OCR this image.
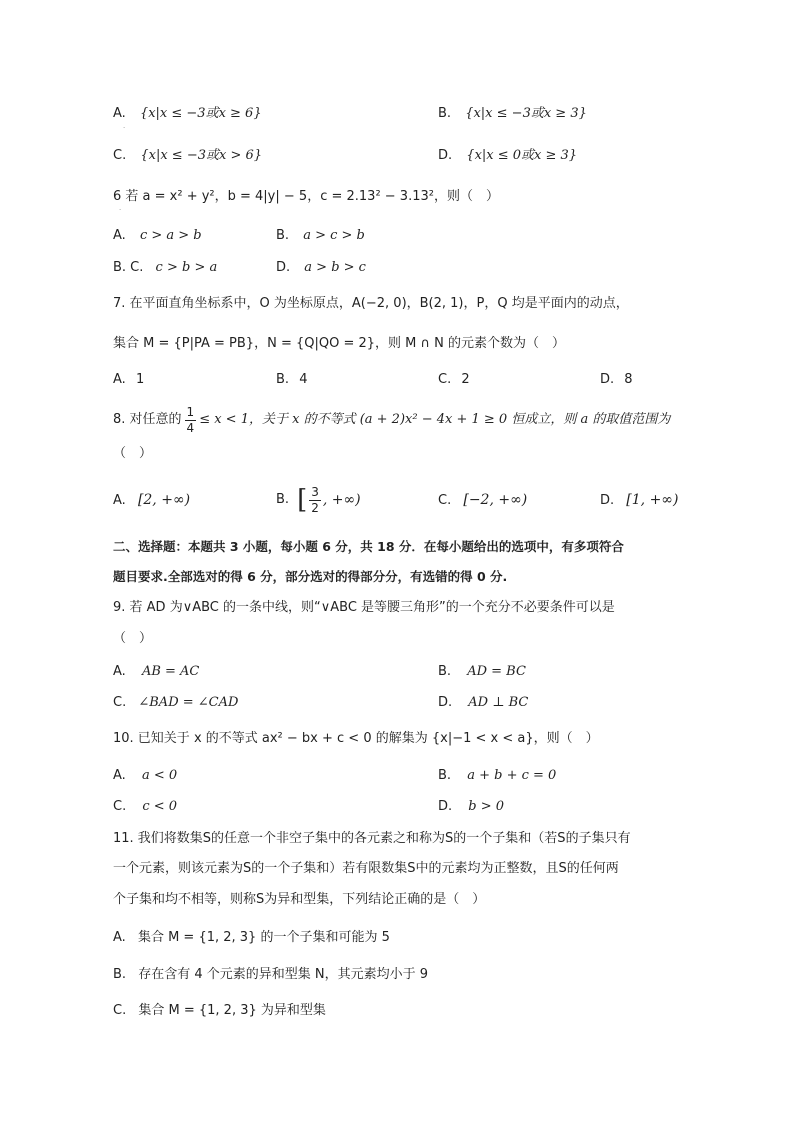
A. {x|x ≤ −3或x ≥ 6}	B. {x|x ≤ −3或x ≥ 3}
·
C. {x|x ≤ −3或x > 6}	D. {x|x ≤ 0或x ≥ 3}
6 若 a = x² + y²，b = 4|y| − 5，c = 2.13² − 3.13²，则（　）
·
A. c > a > b	B. a > c > b
B. C. c > b > a	D. a > b > c
7. 在平面直角坐标系中，O 为坐标原点，A(−2, 0)，B(2, 1)，P，Q 均是平面内的动点，
集合 M = {P|PA = PB}，N = {Q|QO = 2}，则 M ∩ N 的元素个数为（　）
A. 1	B. 4	C. 2	D. 8
8. 对任意的 $\frac{1}{4} \le x < 1$，关于 x 的不等式 (a + 2)x² − 4x + 1 ≥ 0 恒成立，则 a 的取值范围为
（　）
A. [2, +∞)	B. [ $\frac{3}{2}$ , +∞)	C. [−2, +∞)	D. [1, +∞)
二、选择题：本题共 3 小题，每小题 6 分，共 18 分．在每小题给出的选项中，有多项符合
题目要求.全部选对的得 6 分，部分选对的得部分分，有选错的得 0 分.
9. 若 AD 为∨ABC 的一条中线，则“∨ABC 是等腰三角形”的一个充分不必要条件可以是
（　）
A. AB = AC	B. AD = BC
C. ∠BAD = ∠CAD	D. AD ⊥ BC
10. 已知关于 x 的不等式 ax² − bx + c < 0 的解集为 {x|−1 < x < a}，则（　）
A. a < 0	B. a + b + c = 0
C. c < 0	D. b > 0
11. 我们将数集S的任意一个非空子集中的各元素之和称为S的一个子集和（若S的子集只有
一个元素，则该元素为S的一个子集和）若有限数集S中的元素均为正整数，且S的任何两
个子集和均不相等，则称S为异和型集，下列结论正确的是（　）
A. 集合 M = {1, 2, 3} 的一个子集和可能为 5
B. 存在含有 4 个元素的异和型集 N，其元素均小于 9
C. 集合 M = {1, 2, 3} 为异和型集
